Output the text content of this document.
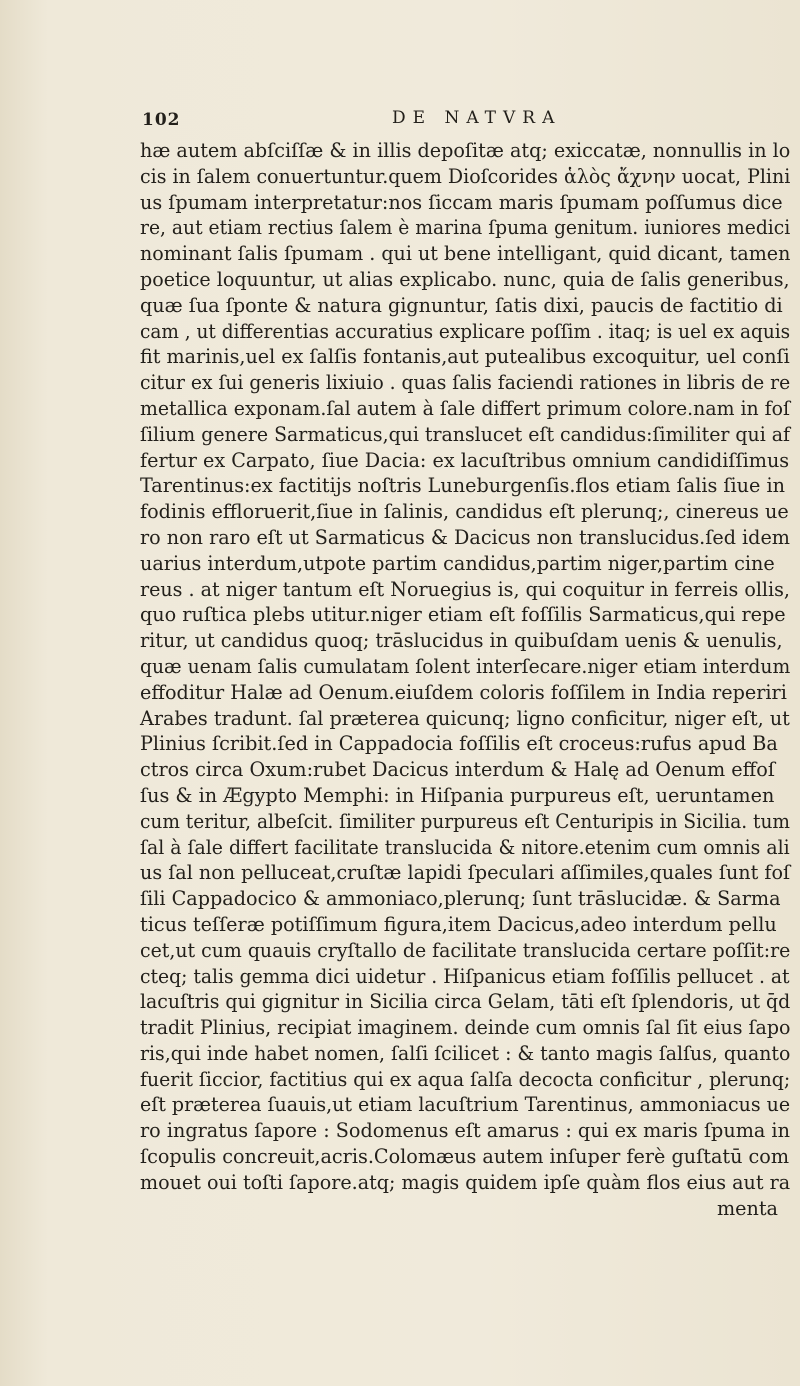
102	DE NATVRA
hæ autem abſciſſæ & in illis depoſitæ atq; exiccatæ, nonnullis in lo
cis in ſalem conuertuntur.quem Dioſcorides ἁλὸς ἄχνην uocat, Plini
us ſpumam interpretatur:nos ſiccam maris ſpumam poſſumus dice
re, aut etiam rectius ſalem è marina ſpuma genitum. iuniores medici
nominant ſalis ſpumam . qui ut bene intelligant, quid dicant, tamen
poetice loquuntur, ut alias explicabo. nunc, quia de ſalis generibus,
quæ ſua ſponte & natura gignuntur, ſatis dixi, paucis de factitio di
cam , ut differentias accuratius explicare poſſim . itaq; is uel ex aquis
fit marinis,uel ex ſalſis fontanis,aut putealibus excoquitur, uel conſi
citur ex ſui generis lixiuio . quas ſalis faciendi rationes in libris de re
metallica exponam.ſal autem à ſale differt primum colore.nam in foſ
ſilium genere Sarmaticus,qui translucet eſt candidus:ſimiliter qui af
fertur ex Carpato, ſiue Dacia: ex lacuſtribus omnium candidiſſimus
Tarentinus:ex factitijs noſtris Luneburgenſis.flos etiam ſalis ſiue in
fodinis effloruerit,ſiue in ſalinis, candidus eſt plerunq;, cinereus ue
ro non raro eſt ut Sarmaticus & Dacicus non translucidus.ſed idem
uarius interdum,utpote partim candidus,partim niger,partim cine
reus . at niger tantum eſt Noruegius is, qui coquitur in ferreis ollis,
quo ruſtica plebs utitur.niger etiam eſt foſſilis Sarmaticus,qui repe
ritur, ut candidus quoq; trāslucidus in quibuſdam uenis & uenulis,
quæ uenam ſalis cumulatam ſolent interſecare.niger etiam interdum
effoditur Halæ ad Oenum.eiuſdem coloris foſſilem in India reperiri
Arabes tradunt. ſal præterea quicunq; ligno conficitur, niger eſt, ut
Plinius ſcribit.ſed in Cappadocia foſſilis eſt croceus:rufus apud Ba
ctros circa Oxum:rubet Dacicus interdum & Halę ad Oenum effoſ
ſus & in Ægypto Memphi: in Hiſpania purpureus eſt, ueruntamen
cum teritur, albeſcit. ſimiliter purpureus eſt Centuripis in Sicilia. tum
ſal à ſale differt facilitate translucida & nitore.etenim cum omnis ali
us ſal non pelluceat,cruſtæ lapidi ſpeculari aſſimiles,quales ſunt foſ
ſili Cappadocico & ammoniaco,plerunq; ſunt trāslucidæ. & Sarma
ticus teſſeræ potiſſimum figura,item Dacicus,adeo interdum pellu
cet,ut cum quauis cryſtallo de facilitate translucida certare poſſit:re
cteq; talis gemma dici uidetur . Hiſpanicus etiam foſſilis pellucet . at
lacuſtris qui gignitur in Sicilia circa Gelam, tāti eſt ſplendoris, ut q̄d
tradit Plinius, recipiat imaginem. deinde cum omnis ſal ſit eius ſapo
ris,qui inde habet nomen, ſalſi ſcilicet : & tanto magis ſalſus, quanto
fuerit ſiccior, factitius qui ex aqua ſalſa decocta conficitur , plerunq;
eſt præterea ſuauis,ut etiam lacuſtrium Tarentinus, ammoniacus ue
ro ingratus ſapore : Sodomenus eſt amarus : qui ex maris ſpuma in
ſcopulis concreuit,acris.Colomæus autem inſuper ferè guſtatū com
mouet oui toſti ſapore.atq; magis quidem ipſe quàm flos eius aut ra
menta
